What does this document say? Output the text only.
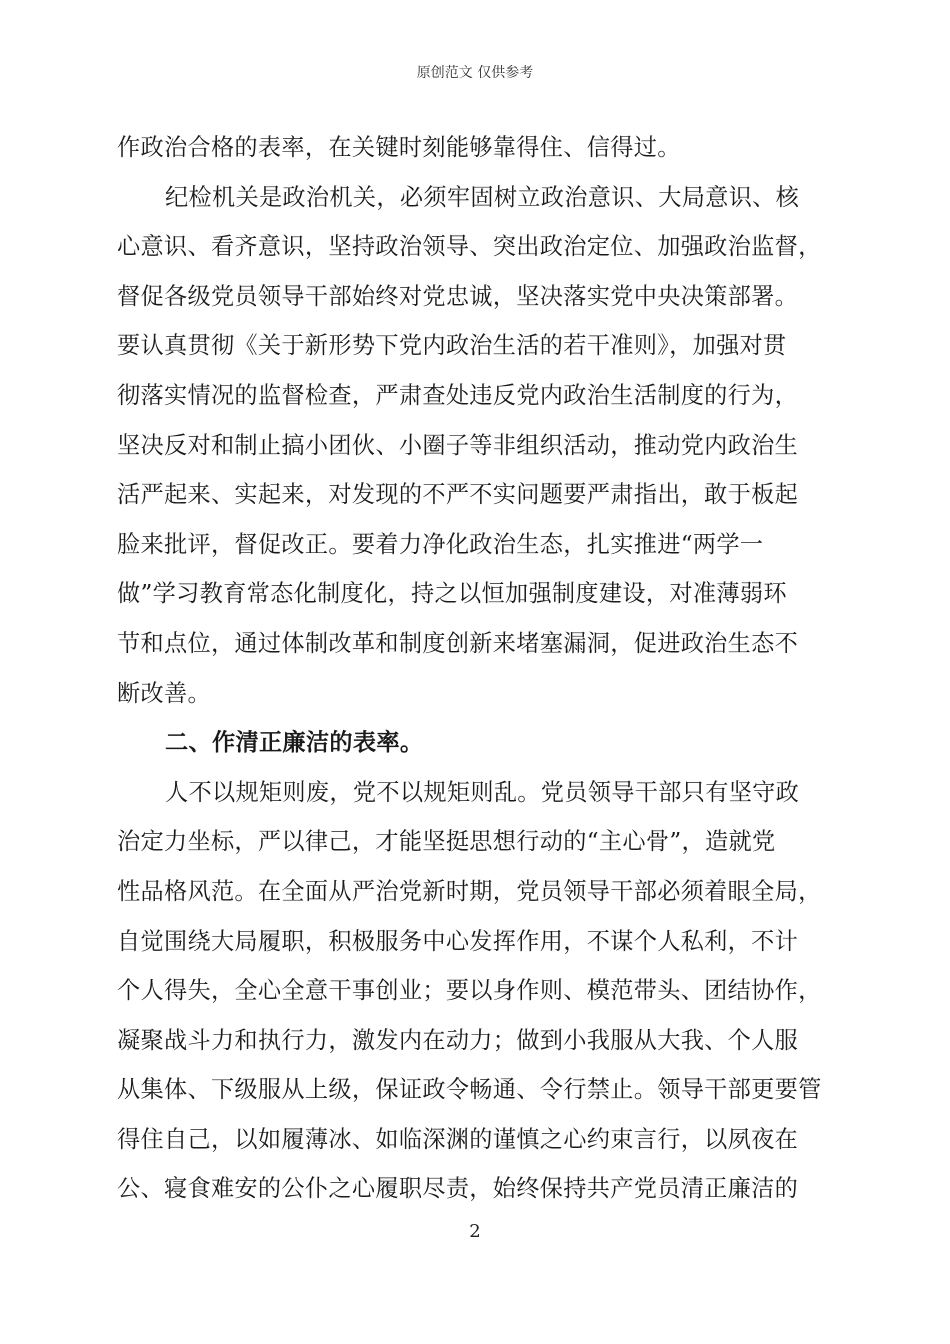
原创范文 仅供参考
作政治合格的表率，在关键时刻能够靠得住、信得过。
纪检机关是政治机关，必须牢固树立政治意识、大局意识、核
心意识、看齐意识，坚持政治领导、突出政治定位、加强政治监督，
督促各级党员领导干部始终对党忠诚，坚决落实党中央决策部署。
要认真贯彻《关于新形势下党内政治生活的若干准则》，加强对贯
彻落实情况的监督检查，严肃查处违反党内政治生活制度的行为，
坚决反对和制止搞小团伙、小圈子等非组织活动，推动党内政治生
活严起来、实起来，对发现的不严不实问题要严肃指出，敢于板起
脸来批评，督促改正。要着力净化政治生态，扎实推进“两学一
做”学习教育常态化制度化，持之以恒加强制度建设，对准薄弱环
节和点位，通过体制改革和制度创新来堵塞漏洞，促进政治生态不
断改善。
二、作清正廉洁的表率。
人不以规矩则废，党不以规矩则乱。党员领导干部只有坚守政
治定力坐标，严以律己，才能坚挺思想行动的“主心骨”，造就党
性品格风范。在全面从严治党新时期，党员领导干部必须着眼全局，
自觉围绕大局履职，积极服务中心发挥作用，不谋个人私利，不计
个人得失，全心全意干事创业；要以身作则、模范带头、团结协作，
凝聚战斗力和执行力，激发内在动力；做到小我服从大我、个人服
从集体、下级服从上级，保证政令畅通、令行禁止。领导干部更要管
得住自己，以如履薄冰、如临深渊的谨慎之心约束言行，以夙夜在
公、寝食难安的公仆之心履职尽责，始终保持共产党员清正廉洁的
2
